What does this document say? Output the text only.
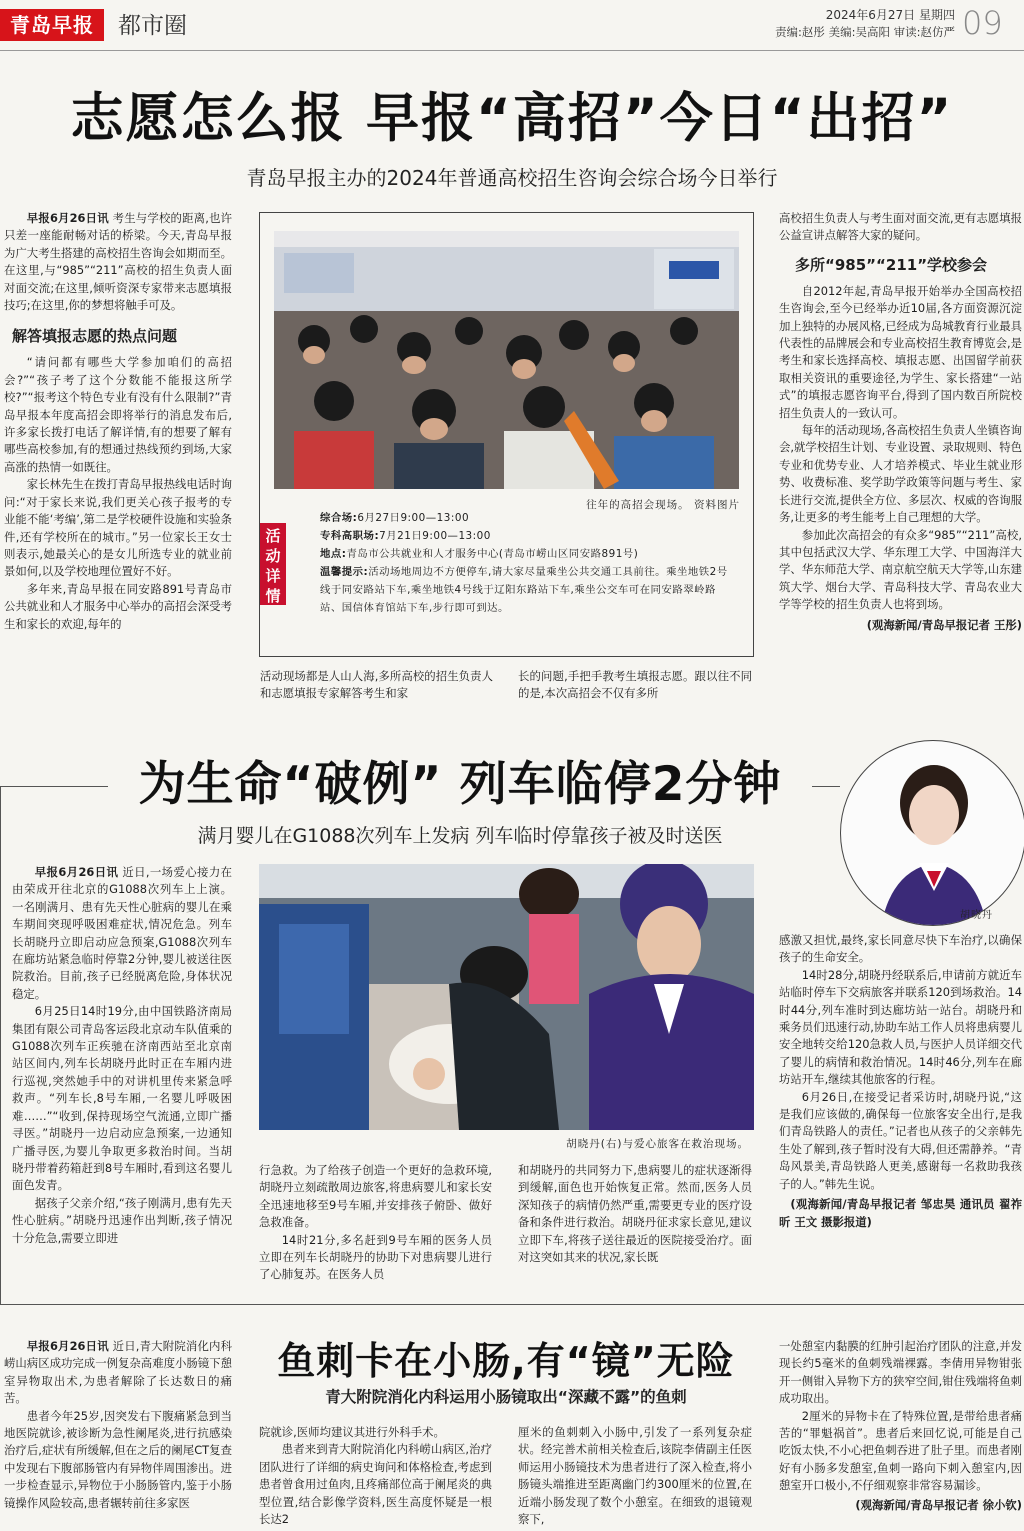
青岛早报	都市圈	2024年6月27日 星期四
责编:赵彤 美编:吴高阳 审读:赵仿严 09
志愿怎么报 早报“高招”今日“出招”
青岛早报主办的2024年普通高校招生咨询会综合场今日举行

早报6月26日讯 考生与学校的距离,也许只差一座能耐畅对话的桥梁。今天,青岛早报为广大考生搭建的高校招生咨询会如期而至。在这里,与“985”“211”高校的招生负责人面对面交流;在这里,倾听资深专家带来志愿填报技巧;在这里,你的梦想将触手可及。

解答填报志愿的热点问题

“请问都有哪些大学参加咱们的高招会?”“孩子考了这个分数能不能报这所学校?”“报考这个特色专业有没有什么限制?”青岛早报本年度高招会即将举行的消息发布后,许多家长拨打电话了解详情,有的想要了解有哪些高校参加,有的想通过热线预约到场,大家高涨的热情一如既往。

家长林先生在拨打青岛早报热线电话时询问:“对于家长来说,我们更关心孩子报考的专业能不能‘考编’,第二是学校硬件设施和实验条件,还有学校所在的城市。”另一位家长王女士则表示,她最关心的是女儿所选专业的就业前景如何,以及学校地理位置好不好。

多年来,青岛早报在同安路891号青岛市公共就业和人才服务中心举办的高招会深受考生和家长的欢迎,每年的

往年的高招会现场。 资料图片
活动详情
综合场:6月27日9:00—13:00
专科高职场:7月21日9:00—13:00
地点:青岛市公共就业和人才服务中心(青岛市崂山区同安路891号)
温馨提示:活动场地周边不方便停车,请大家尽量乘坐公共交通工具前往。乘坐地铁2号线于同安路站下车,乘坐地铁4号线于辽阳东路站下车,乘坐公交车可在同安路翠岭路站、国信体育馆站下车,步行即可到达。
活动现场都是人山人海,多所高校的招生负责人和志愿填报专家解答考生和家
长的问题,手把手教考生填报志愿。跟以往不同的是,本次高招会不仅有多所

高校招生负责人与考生面对面交流,更有志愿填报公益宣讲点解答大家的疑问。

多所“985”“211”学校参会

自2012年起,青岛早报开始举办全国高校招生咨询会,至今已经举办近10届,各方面资源沉淀加上独特的办展风格,已经成为岛城教育行业最具代表性的品牌展会和专业高校招生教育博览会,是考生和家长选择高校、填报志愿、出国留学前获取相关资讯的重要途径,为学生、家长搭建“一站式”的填报志愿咨询平台,得到了国内数百所院校招生负责人的一致认可。

每年的活动现场,各高校招生负责人坐镇咨询会,就学校招生计划、专业设置、录取规则、特色专业和优势专业、人才培养模式、毕业生就业形势、收费标准、奖学助学政策等问题与考生、家长进行交流,提供全方位、多层次、权威的咨询服务,让更多的考生能考上自己理想的大学。

参加此次高招会的有众多“985”“211”高校,其中包括武汉大学、华东理工大学、中国海洋大学、华东师范大学、南京航空航天大学等,山东建筑大学、烟台大学、青岛科技大学、青岛农业大学等学校的招生负责人也将到场。

(观海新闻/青岛早报记者 王彤)
为生命“破例” 列车临停2分钟
满月婴儿在G1088次列车上发病 列车临时停靠孩子被及时送医
胡晓丹

早报6月26日讯 近日,一场爱心接力在由荣成开往北京的G1088次列车上上演。一名刚满月、患有先天性心脏病的婴儿在乘车期间突现呼吸困难症状,情况危急。列车长胡晓丹立即启动应急预案,G1088次列车在廊坊站紧急临时停靠2分钟,婴儿被送往医院救治。目前,孩子已经脱离危险,身体状况稳定。

6月25日14时19分,由中国铁路济南局集团有限公司青岛客运段北京动车队值乘的G1088次列车正疾驰在济南西站至北京南站区间内,列车长胡晓丹此时正在车厢内进行巡视,突然她手中的对讲机里传来紧急呼救声。“列车长,8号车厢,一名婴儿呼吸困难……”“收到,保持现场空气流通,立即广播寻医。”胡晓丹一边启动应急预案,一边通知广播寻医,为婴儿争取更多救治时间。当胡晓丹带着药箱赶到8号车厢时,看到这名婴儿面色发青。

据孩子父亲介绍,“孩子刚满月,患有先天性心脏病。”胡晓丹迅速作出判断,孩子情况十分危急,需要立即进

胡晓丹(右)与爱心旅客在救治现场。

行急救。为了给孩子创造一个更好的急救环境,胡晓丹立刻疏散周边旅客,将患病婴儿和家长安全迅速地移至9号车厢,并安排孩子俯卧、做好急救准备。

14时21分,多名赶到9号车厢的医务人员立即在列车长胡晓丹的协助下对患病婴儿进行了心肺复苏。在医务人员

和胡晓丹的共同努力下,患病婴儿的症状逐渐得到缓解,面色也开始恢复正常。然而,医务人员深知孩子的病情仍然严重,需要更专业的医疗设备和条件进行救治。胡晓丹征求家长意见,建议立即下车,将孩子送往最近的医院接受治疗。面对这突如其来的状况,家长既

感激又担忧,最终,家长同意尽快下车治疗,以确保孩子的生命安全。

14时28分,胡晓丹经联系后,申请前方就近车站临时停车下交病旅客并联系120到场救治。14时44分,列车准时到达廊坊站一站台。胡晓丹和乘务员们迅速行动,协助车站工作人员将患病婴儿安全地转交给120急救人员,与医护人员详细交代了婴儿的病情和救治情况。14时46分,列车在廊坊站开车,继续其他旅客的行程。

6月26日,在接受记者采访时,胡晓丹说,“这是我们应该做的,确保每一位旅客安全出行,是我们青岛铁路人的责任。”记者也从孩子的父亲韩先生处了解到,孩子暂时没有大碍,但还需静养。“青岛风景美,青岛铁路人更美,感谢每一名救助我孩子的人。”韩先生说。

(观海新闻/青岛早报记者 邹忠昊 通讯员 翟祚昕 王文 摄影报道)
鱼刺卡在小肠,有“镜”无险
青大附院消化内科运用小肠镜取出“深藏不露”的鱼刺

早报6月26日讯 近日,青大附院消化内科崂山病区成功完成一例复杂高难度小肠镜下憩室异物取出术,为患者解除了长达数日的痛苦。

患者今年25岁,因突发右下腹痛紧急到当地医院就诊,被诊断为急性阑尾炎,进行抗感染治疗后,症状有所缓解,但在之后的阑尾CT复查中发现右下腹部肠管内有异物伴周围渗出。进一步检查显示,异物位于小肠肠管内,鉴于小肠镜操作风险较高,患者辗转前往多家医

院就诊,医师均建议其进行外科手术。

患者来到青大附院消化内科崂山病区,治疗团队进行了详细的病史询问和体格检查,考虑到患者曾食用过鱼肉,且疼痛部位高于阑尾炎的典型位置,结合影像学资料,医生高度怀疑是一根长达2

厘米的鱼刺刺入小肠中,引发了一系列复杂症状。经完善术前相关检查后,该院李倩副主任医师运用小肠镜技术为患者进行了深入检查,将小肠镜头端推进至距离幽门约300厘米的位置,在近端小肠发现了数个小憩室。在细致的退镜观察下,

一处憩室内黏膜的红肿引起治疗团队的注意,并发现长约5毫米的鱼刺残端裸露。李倩用异物钳张开一侧钳入异物下方的狭窄空间,钳住残端将鱼刺成功取出。

2厘米的异物卡在了特殊位置,是带给患者痛苦的“罪魁祸首”。患者后来回忆说,可能是自己吃饭太快,不小心把鱼刺吞进了肚子里。而患者刚好有小肠多发憩室,鱼刺一路向下刺入憩室内,因憩室开口极小,不仔细观察非常容易漏诊。

(观海新闻/青岛早报记者 徐小钦)
